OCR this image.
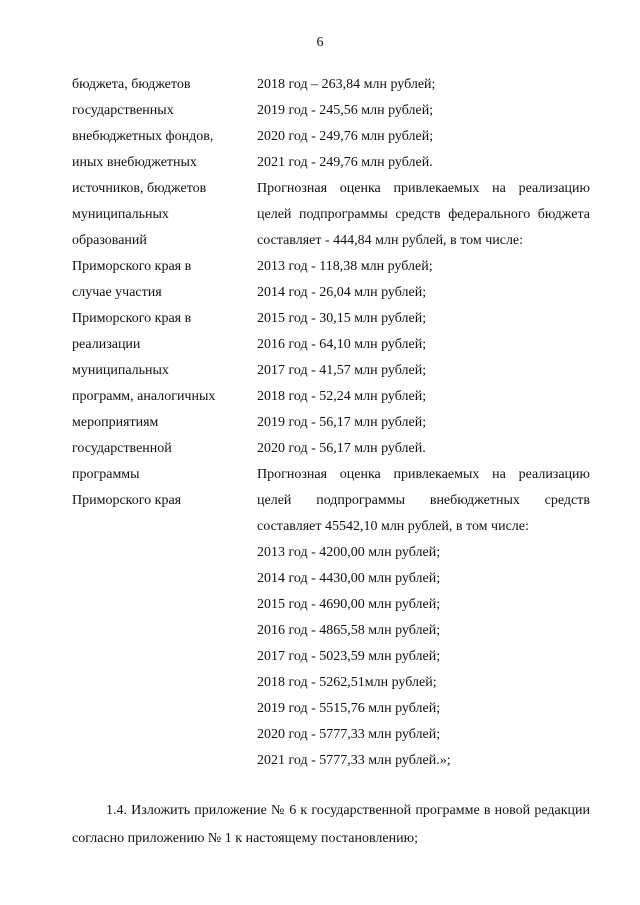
6
бюджета, бюджетов
государственных
внебюджетных фондов,
иных внебюджетных
источников, бюджетов
муниципальных
образований
Приморского края в
случае участия
Приморского края в
реализации
муниципальных
программ, аналогичных
мероприятиям
государственной
программы
Приморского края
2018 год – 263,84 млн рублей;
2019 год - 245,56 млн рублей;
2020 год - 249,76 млн рублей;
2021 год - 249,76 млн рублей.
Прогнозная оценка привлекаемых на реализацию целей подпрограммы средств федерального бюджета составляет - 444,84 млн рублей, в том числе:
2013 год - 118,38 млн рублей;
2014 год - 26,04 млн рублей;
2015 год - 30,15 млн рублей;
2016 год - 64,10 млн рублей;
2017 год - 41,57 млн рублей;
2018 год - 52,24 млн рублей;
2019 год - 56,17 млн рублей;
2020 год - 56,17 млн рублей.
Прогнозная оценка привлекаемых на реализацию целей подпрограммы внебюджетных средств составляет 45542,10 млн рублей, в том числе:
2013 год - 4200,00 млн рублей;
2014 год - 4430,00 млн рублей;
2015 год - 4690,00 млн рублей;
2016 год - 4865,58 млн рублей;
2017 год - 5023,59 млн рублей;
2018 год - 5262,51млн рублей;
2019 год - 5515,76 млн рублей;
2020 год - 5777,33 млн рублей;
2021 год - 5777,33 млн рублей.»;

1.4. Изложить приложение № 6 к государственной программе в новой редакции согласно приложению № 1 к настоящему постановлению;
